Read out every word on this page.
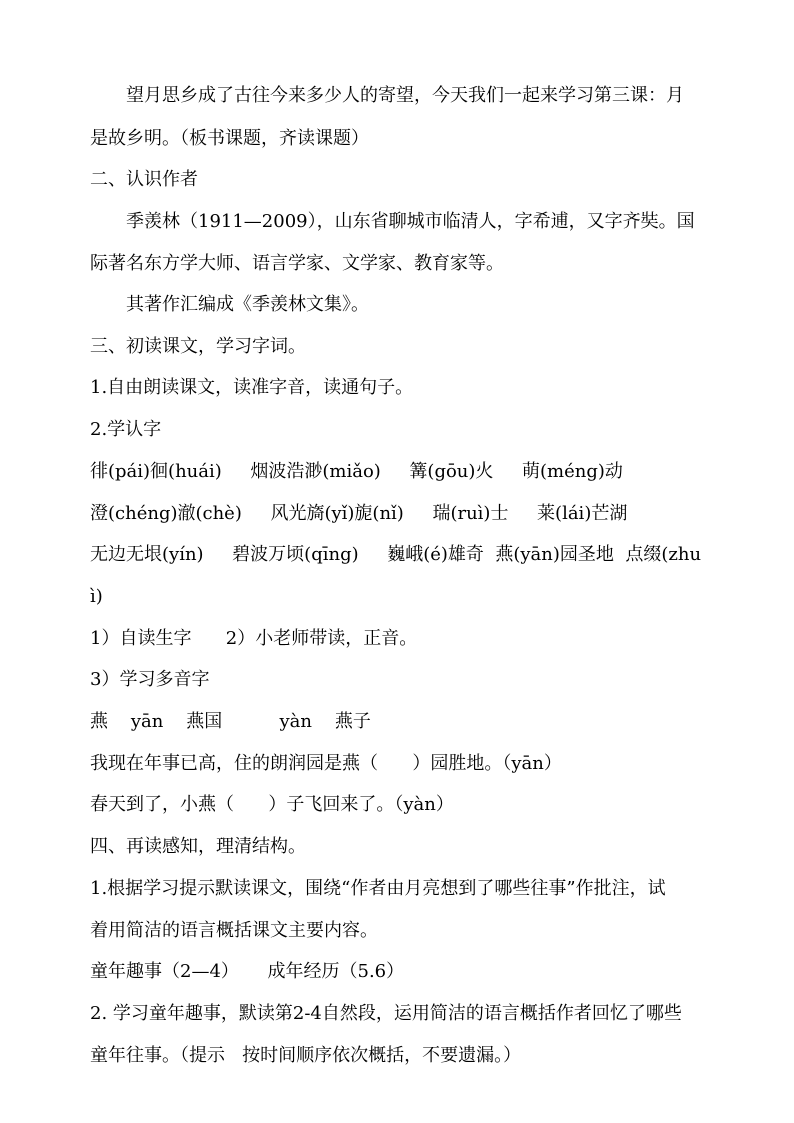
望月思乡成了古往今来多少人的寄望，今天我们一起来学习第三课：月
是故乡明。（板书课题，齐读课题）
二、认识作者
季羡林（1911—2009），山东省聊城市临清人，字希逋，又字齐奘。国
际著名东方学大师、语言学家、文学家、教育家等。
其著作汇编成《季羡林文集》。
三、初读课文，学习字词。
1.自由朗读课文，读准字音，读通句子。
2.学认字
徘(pái)徊(huái)     烟波浩渺(miǎo)     篝(gōu)火     萌(méng)动
澄(chéng)澈(chè)     风光旖(yǐ)旎(nǐ)     瑞(ruì)士     莱(lái)芒湖
无边无垠(yín)     碧波万顷(qīng)     巍峨(é)雄奇  燕(yān)园圣地  点缀(zhu
ì)
1）自读生字      2）小老师带读，正音。
3）学习多音字
燕    yān    燕国          yàn    燕子
我现在年事已高，住的朗润园是燕（      ）园胜地。（yān）
春天到了，小燕（      ）子飞回来了。（yàn）
四、再读感知，理清结构。
1.根据学习提示默读课文，围绕“作者由月亮想到了哪些往事”作批注，试
着用简洁的语言概括课文主要内容。
童年趣事（2—4）     成年经历（5.6）
2. 学习童年趣事，默读第2-4自然段，运用简洁的语言概括作者回忆了哪些
童年往事。（提示   按时间顺序依次概括，不要遗漏。）
